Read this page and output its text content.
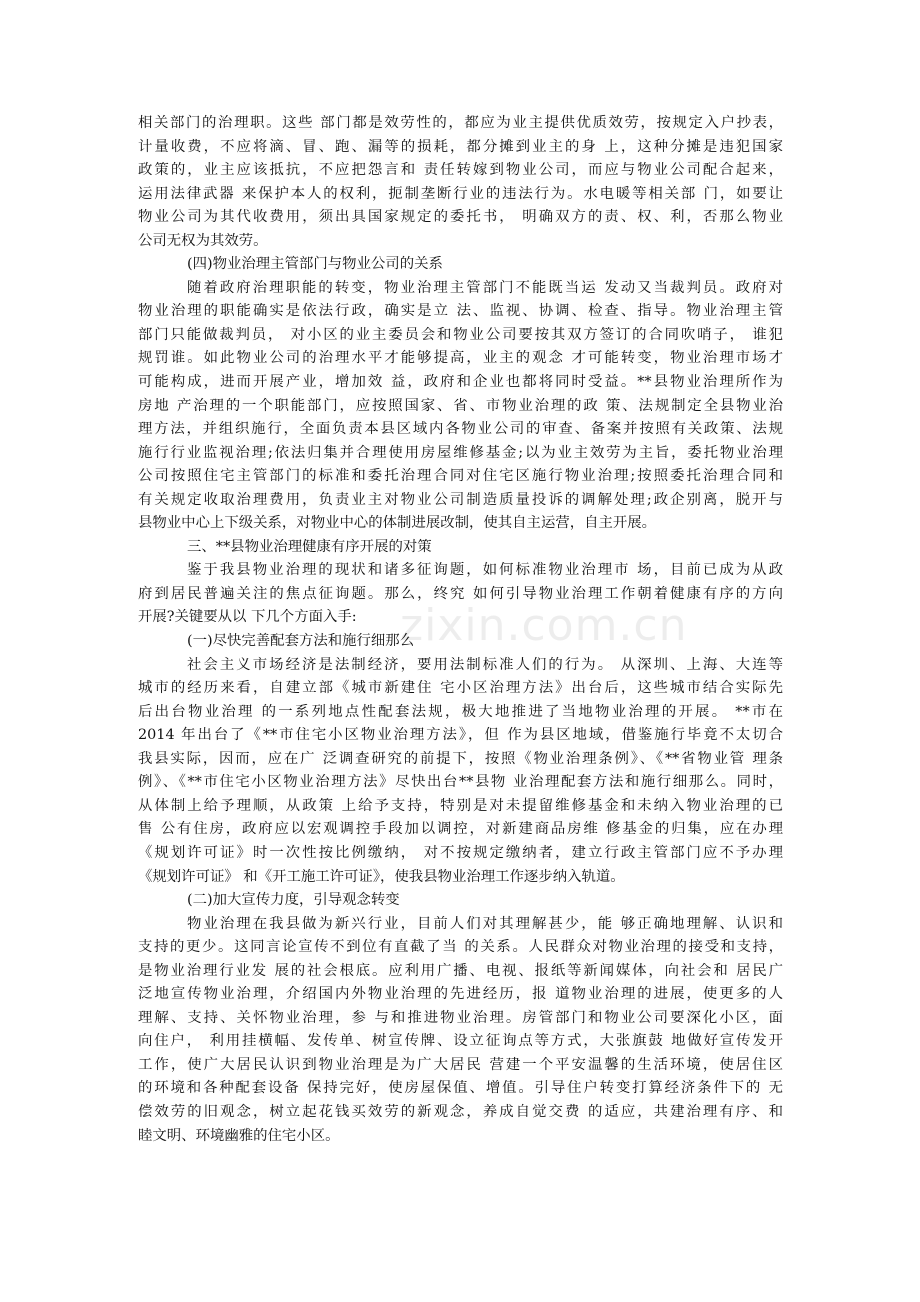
zixin.com.cn
相关部门的治理职。这些 部门都是效劳性的，都应为业主提供优质效劳，按规定入户抄表，
计量收费，不应将滴、冒、跑、漏等的损耗，都分摊到业主的身 上，这种分摊是违犯国家
政策的，业主应该抵抗，不应把怨言和 责任转嫁到物业公司，而应与物业公司配合起来，
运用法律武器 来保护本人的权利，扼制垄断行业的违法行为。水电暖等相关部 门，如要让
物业公司为其代收费用，须出具国家规定的委托书， 明确双方的责、权、利，否那么物业
公司无权为其效劳。
(四)物业治理主管部门与物业公司的关系
随着政府治理职能的转变，物业治理主管部门不能既当运 发动又当裁判员。政府对
物业治理的职能确实是依法行政，确实是立 法、监视、协调、检查、指导。物业治理主管
部门只能做裁判员， 对小区的业主委员会和物业公司要按其双方签订的合同吹哨子， 谁犯
规罚谁。如此物业公司的治理水平才能够提高，业主的观念 才可能转变，物业治理市场才
可能构成，进而开展产业，增加效 益，政府和企业也都将同时受益。**县物业治理所作为
房地 产治理的一个职能部门，应按照国家、省、市物业治理的政 策、法规制定全县物业治
理方法，并组织施行，全面负责本县区域内各物业公司的审查、备案并按照有关政策、法规
施行行业监视治理;依法归集并合理使用房屋维修基金;以为业主效劳为主旨，委托物业治理
公司按照住宅主管部门的标准和委托治理合同对住宅区施行物业治理;按照委托治理合同和
有关规定收取治理费用，负责业主对物业公司制造质量投诉的调解处理;政企别离，脱开与
县物业中心上下级关系，对物业中心的体制进展改制，使其自主运营，自主开展。
三、**县物业治理健康有序开展的对策
鉴于我县物业治理的现状和诸多征询题，如何标准物业治理市 场，目前已成为从政
府到居民普遍关注的焦点征询题。那么，终究 如何引导物业治理工作朝着健康有序的方向
开展?关键要从以 下几个方面入手:
(一)尽快完善配套方法和施行细那么
社会主义市场经济是法制经济，要用法制标准人们的行为。 从深圳、上海、大连等
城市的经历来看，自建立部《城市新建住 宅小区治理方法》出台后，这些城市结合实际先
后出台物业治理 的一系列地点性配套法规，极大地推进了当地物业治理的开展。 **市在
2014 年出台了《**市住宅小区物业治理方法》，但 作为县区地域，借鉴施行毕竟不太切合
我县实际，因而，应在广 泛调查研究的前提下，按照《物业治理条例》、《**省物业管 理条
例》、《**市住宅小区物业治理方法》尽快出台**县物 业治理配套方法和施行细那么。同时，
从体制上给予理顺，从政策 上给予支持，特别是对未提留维修基金和未纳入物业治理的已
售 公有住房，政府应以宏观调控手段加以调控，对新建商品房维 修基金的归集，应在办理
《规划许可证》时一次性按比例缴纳， 对不按规定缴纳者，建立行政主管部门应不予办理
《规划许可证》 和《开工施工许可证》，使我县物业治理工作逐步纳入轨道。
(二)加大宣传力度，引导观念转变
物业治理在我县做为新兴行业，目前人们对其理解甚少，能 够正确地理解、认识和
支持的更少。这同言论宣传不到位有直截了当 的关系。人民群众对物业治理的接受和支持，
是物业治理行业发 展的社会根底。应利用广播、电视、报纸等新闻媒体，向社会和 居民广
泛地宣传物业治理，介绍国内外物业治理的先进经历，报 道物业治理的进展，使更多的人
理解、支持、关怀物业治理，参 与和推进物业治理。房管部门和物业公司要深化小区，面
向住户， 利用挂横幅、发传单、树宣传牌、设立征询点等方式，大张旗鼓 地做好宣传发开
工作，使广大居民认识到物业治理是为广大居民 营建一个平安温馨的生活环境，使居住区
的环境和各种配套设备 保持完好，使房屋保值、增值。引导住户转变打算经济条件下的 无
偿效劳的旧观念，树立起花钱买效劳的新观念，养成自觉交费 的适应，共建治理有序、和
睦文明、环境幽雅的住宅小区。
